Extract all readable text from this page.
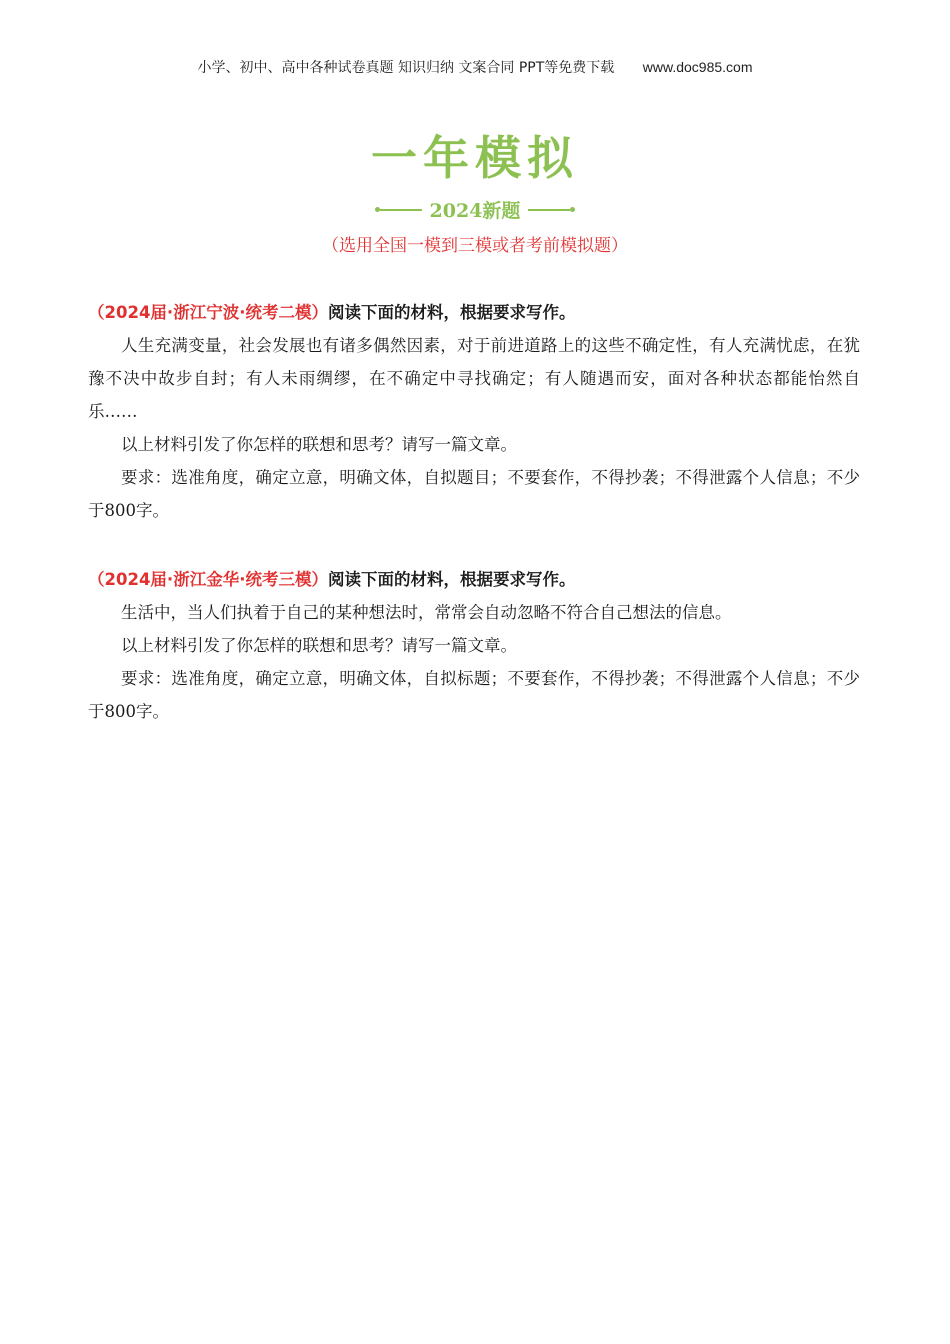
小学、初中、高中各种试卷真题 知识归纳 文案合同 PPT等免费下载 www.doc985.com
一年模拟
2024新题
（选用全国一模到三模或者考前模拟题）

（2024届·浙江宁波·统考二模）阅读下面的材料，根据要求写作。

人生充满变量，社会发展也有诸多偶然因素，对于前进道路上的这些不确定性，有人充满忧虑，在犹豫不决中故步自封；有人未雨绸缪，在不确定中寻找确定；有人随遇而安，面对各种状态都能怡然自乐……

以上材料引发了你怎样的联想和思考？请写一篇文章。

要求：选准角度，确定立意，明确文体，自拟题目；不要套作，不得抄袭；不得泄露个人信息；不少于800字。

（2024届·浙江金华·统考三模）阅读下面的材料，根据要求写作。

生活中，当人们执着于自己的某种想法时，常常会自动忽略不符合自己想法的信息。

以上材料引发了你怎样的联想和思考？请写一篇文章。

要求：选准角度，确定立意，明确文体，自拟标题；不要套作，不得抄袭；不得泄露个人信息；不少于800字。
